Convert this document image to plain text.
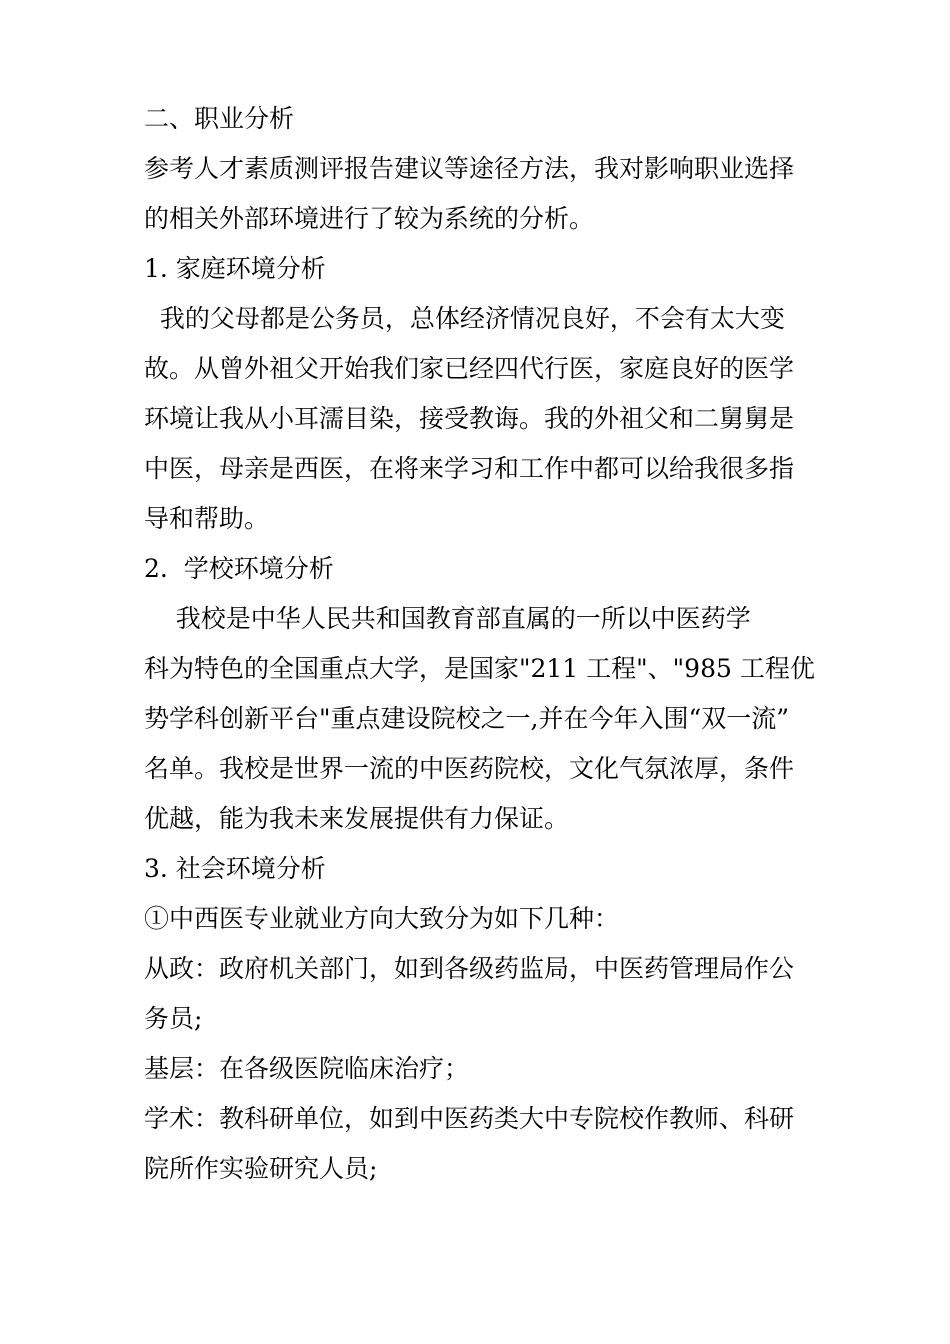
二、职业分析
参考人才素质测评报告建议等途径方法，我对影响职业选择
的相关外部环境进行了较为系统的分析。
1. 家庭环境分析
我的父母都是公务员，总体经济情况良好，不会有太大变
故。从曾外祖父开始我们家已经四代行医，家庭良好的医学
环境让我从小耳濡目染，接受教诲。我的外祖父和二舅舅是
中医，母亲是西医，在将来学习和工作中都可以给我很多指
导和帮助。
2.  学校环境分析
我校是中华人民共和国教育部直属的一所以中医药学
科为特色的全国重点大学，是国家"211 工程"、"985 工程优
势学科创新平台"重点建设院校之一,并在今年入围“双一流”
名单。我校是世界一流的中医药院校，文化气氛浓厚，条件
优越，能为我未来发展提供有力保证。
3. 社会环境分析
①中西医专业就业方向大致分为如下几种：
从政：政府机关部门，如到各级药监局，中医药管理局作公
务员;
基层：在各级医院临床治疗；
学术：教科研单位，如到中医药类大中专院校作教师、科研
院所作实验研究人员;
